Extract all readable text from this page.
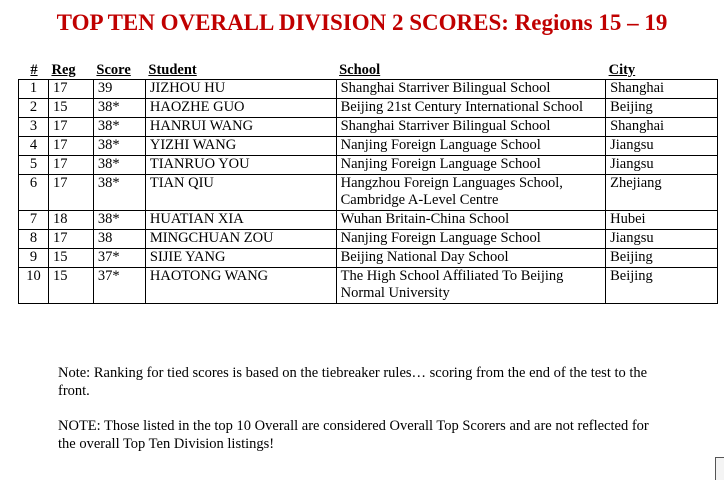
TOP TEN OVERALL DIVISION 2 SCORES: Regions 15 – 19
#	Reg	Score	Student	School	City
1	17	39	JIZHOU HU	Shanghai Starriver Bilingual School	Shanghai
2	15	38*	HAOZHE GUO	Beijing 21st Century International School	Beijing
3	17	38*	HANRUI WANG	Shanghai Starriver Bilingual School	Shanghai
4	17	38*	YIZHI WANG	Nanjing Foreign Language School	Jiangsu
5	17	38*	TIANRUO YOU	Nanjing Foreign Language School	Jiangsu
6	17	38*	TIAN QIU	Hangzhou Foreign Languages School, Cambridge A-Level Centre	Zhejiang
7	18	38*	HUATIAN XIA	Wuhan Britain-China School	Hubei
8	17	38	MINGCHUAN ZOU	Nanjing Foreign Language School	Jiangsu
9	15	37*	SIJIE YANG	Beijing National Day School	Beijing
10	15	37*	HAOTONG WANG	The High School Affiliated To Beijing Normal University	Beijing

Note: Ranking for tied scores is based on the tiebreaker rules… scoring from the end of the test to the front.

NOTE: Those listed in the top 10 Overall are considered Overall Top Scorers and are not reflected for the overall Top Ten Division listings!
